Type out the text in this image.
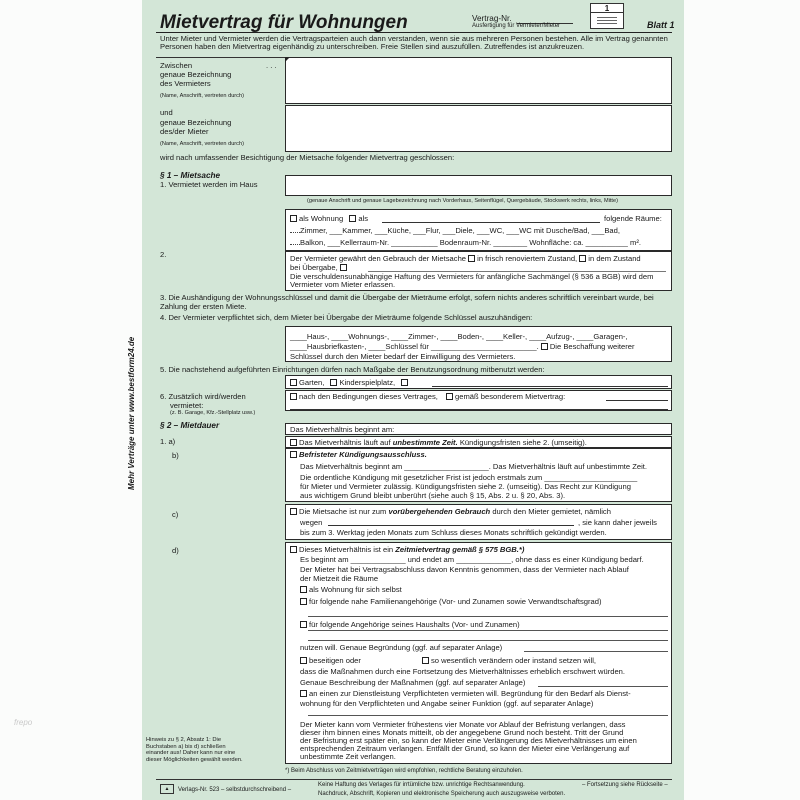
Mehr Verträge unter www.bestform24.de
frepo
Mietvertrag für Wohnungen	Vertrag-Nr.
Ausfertigung für Vermieter/Mieter	Blatt 1
1
Unter Mieter und Vermieter werden die Vertragsparteien auch dann verstanden, wenn sie aus mehreren Personen bestehen. Alle im Vertrag genannten Personen haben den Mietvertrag eigenhändig zu unterschreiben. Freie Stellen sind auszufüllen. Zutreffendes ist anzukreuzen.
Zwischen	. . .
genaue Bezeichnung
des Vermieters
(Name, Anschrift, vertreten durch)
und
genaue Bezeichnung
des/der Mieter
(Name, Anschrift, vertreten durch)
wird nach umfassender Besichtigung der Mietsache folgender Mietvertrag geschlossen:
§ 1 – Mietsache
1. Vermietet werden im Haus
(genaue Anschrift und genaue Lagebezeichnung nach Vorderhaus, Seitenflügel, Quergebäude, Stockwerk rechts, links, Mitte)
als Wohnung als	folgende Räume:
Zimmer, ___Kammer, ___Küche, ___Flur, ___Diele, ___WC, ___WC mit Dusche/Bad, ___Bad,
Balkon, ___Kellerraum-Nr. ___________ Bodenraum-Nr. ________ Wohnfläche: ca. __________ m².
2.	Der Vermieter gewährt den Gebrauch der Mietsache in frisch renoviertem Zustand, in dem Zustand
bei Übergabe,
Die verschuldensunabhängige Haftung des Vermieters für anfängliche Sachmängel (§ 536 a BGB) wird dem Vermieter vom Mieter erlassen.
3. Die Aushändigung der Wohnungsschlüssel und damit die Übergabe der Mieträume erfolgt, sofern nichts anderes schriftlich vereinbart wurde, bei Zahlung der ersten Miete.
4. Der Vermieter verpflichtet sich, dem Mieter bei Übergabe der Mieträume folgende Schlüssel auszuhändigen:
____Haus-, ____Wohnungs-, ____Zimmer-, ____Boden-, ____Keller-, ____Aufzug-, ____Garagen-,
____Hausbriefkasten-, ____Schlüssel für _________________________. Die Beschaffung weiterer
Schlüssel durch den Mieter bedarf der Einwilligung des Vermieters.
5. Die nachstehend aufgeführten Einrichtungen dürfen nach Maßgabe der Benutzungsordnung mitbenutzt werden:
Garten, Kinderspielplatz,
6. Zusätzlich wird/werden
vermietet:
(z. B. Garage, Kfz.-Stellplatz usw.)
nach den Bedingungen dieses Vertrages, gemäß besonderem Mietvertrag:
§ 2 – Mietdauer	Das Mietverhältnis beginnt am:
1. a)	Das Mietverhältnis läuft auf unbestimmte Zeit. Kündigungsfristen siehe 2. (umseitig).
b)	Befristeter Kündigungsausschluss.
Das Mietverhältnis beginnt am ____________________. Das Mietverhältnis läuft auf unbestimmte Zeit.
Die ordentliche Kündigung mit gesetzlicher Frist ist jedoch erstmals zum ______________________
für Mieter und Vermieter zulässig. Kündigungsfristen siehe 2. (umseitig). Das Recht zur Kündigung
aus wichtigem Grund bleibt unberührt (siehe auch § 15, Abs. 2 u. § 20, Abs. 3).
c)	Die Mietsache ist nur zum vorübergehenden Gebrauch durch den Mieter gemietet, nämlich
wegen	, sie kann daher jeweils
bis zum 3. Werktag jeden Monats zum Schluss dieses Monats schriftlich gekündigt werden.
d)	Dieses Mietverhältnis ist ein Zeitmietvertrag gemäß § 575 BGB.*)
Es beginnt am _____________ und endet am _____________, ohne dass es einer Kündigung bedarf.
Der Mieter hat bei Vertragsabschluss davon Kenntnis genommen, dass der Vermieter nach Ablauf
der Mietzeit die Räume
als Wohnung für sich selbst
für folgende nahe Familienangehörige (Vor- und Zunamen sowie Verwandtschaftsgrad)
für folgende Angehörige seines Haushalts (Vor- und Zunamen)
nutzen will. Genaue Begründung (ggf. auf separater Anlage)
beseitigen oder	so wesentlich verändern oder instand setzen will,
dass die Maßnahmen durch eine Fortsetzung des Mietverhältnisses erheblich erschwert würden.
Genaue Beschreibung der Maßnahmen (ggf. auf separater Anlage)
an einen zur Dienstleistung Verpflichteten vermieten will. Begründung für den Bedarf als Dienst-
wohnung für den Verpflichteten und Angabe seiner Funktion (ggf. auf separater Anlage)
Der Mieter kann vom Vermieter frühestens vier Monate vor Ablauf der Befristung verlangen, dass
dieser ihm binnen eines Monats mitteilt, ob der angegebene Grund noch besteht. Tritt der Grund
der Befristung erst später ein, so kann der Mieter eine Verlängerung des Mietverhältnisses um einen
entsprechenden Zeitraum verlangen. Entfällt der Grund, so kann der Mieter eine Verlängerung auf
unbestimmte Zeit verlangen.
Hinweis zu § 2, Absatz 1: Die Buchstaben a) bis d) schließen einander aus! Daher kann nur eine dieser Möglichkeiten gewählt werden.
*) Beim Abschluss von Zeitmietverträgen wird empfohlen, rechtliche Beratung einzuholen.
▲	Verlags-Nr. 523 – selbstdurchschreibend –
Keine Haftung des Verlages für irrtümliche bzw. unrichtige Rechtsanwendung.	– Fortsetzung siehe Rückseite –
Nachdruck, Abschrift, Kopieren und elektronische Speicherung auch auszugsweise verboten.
